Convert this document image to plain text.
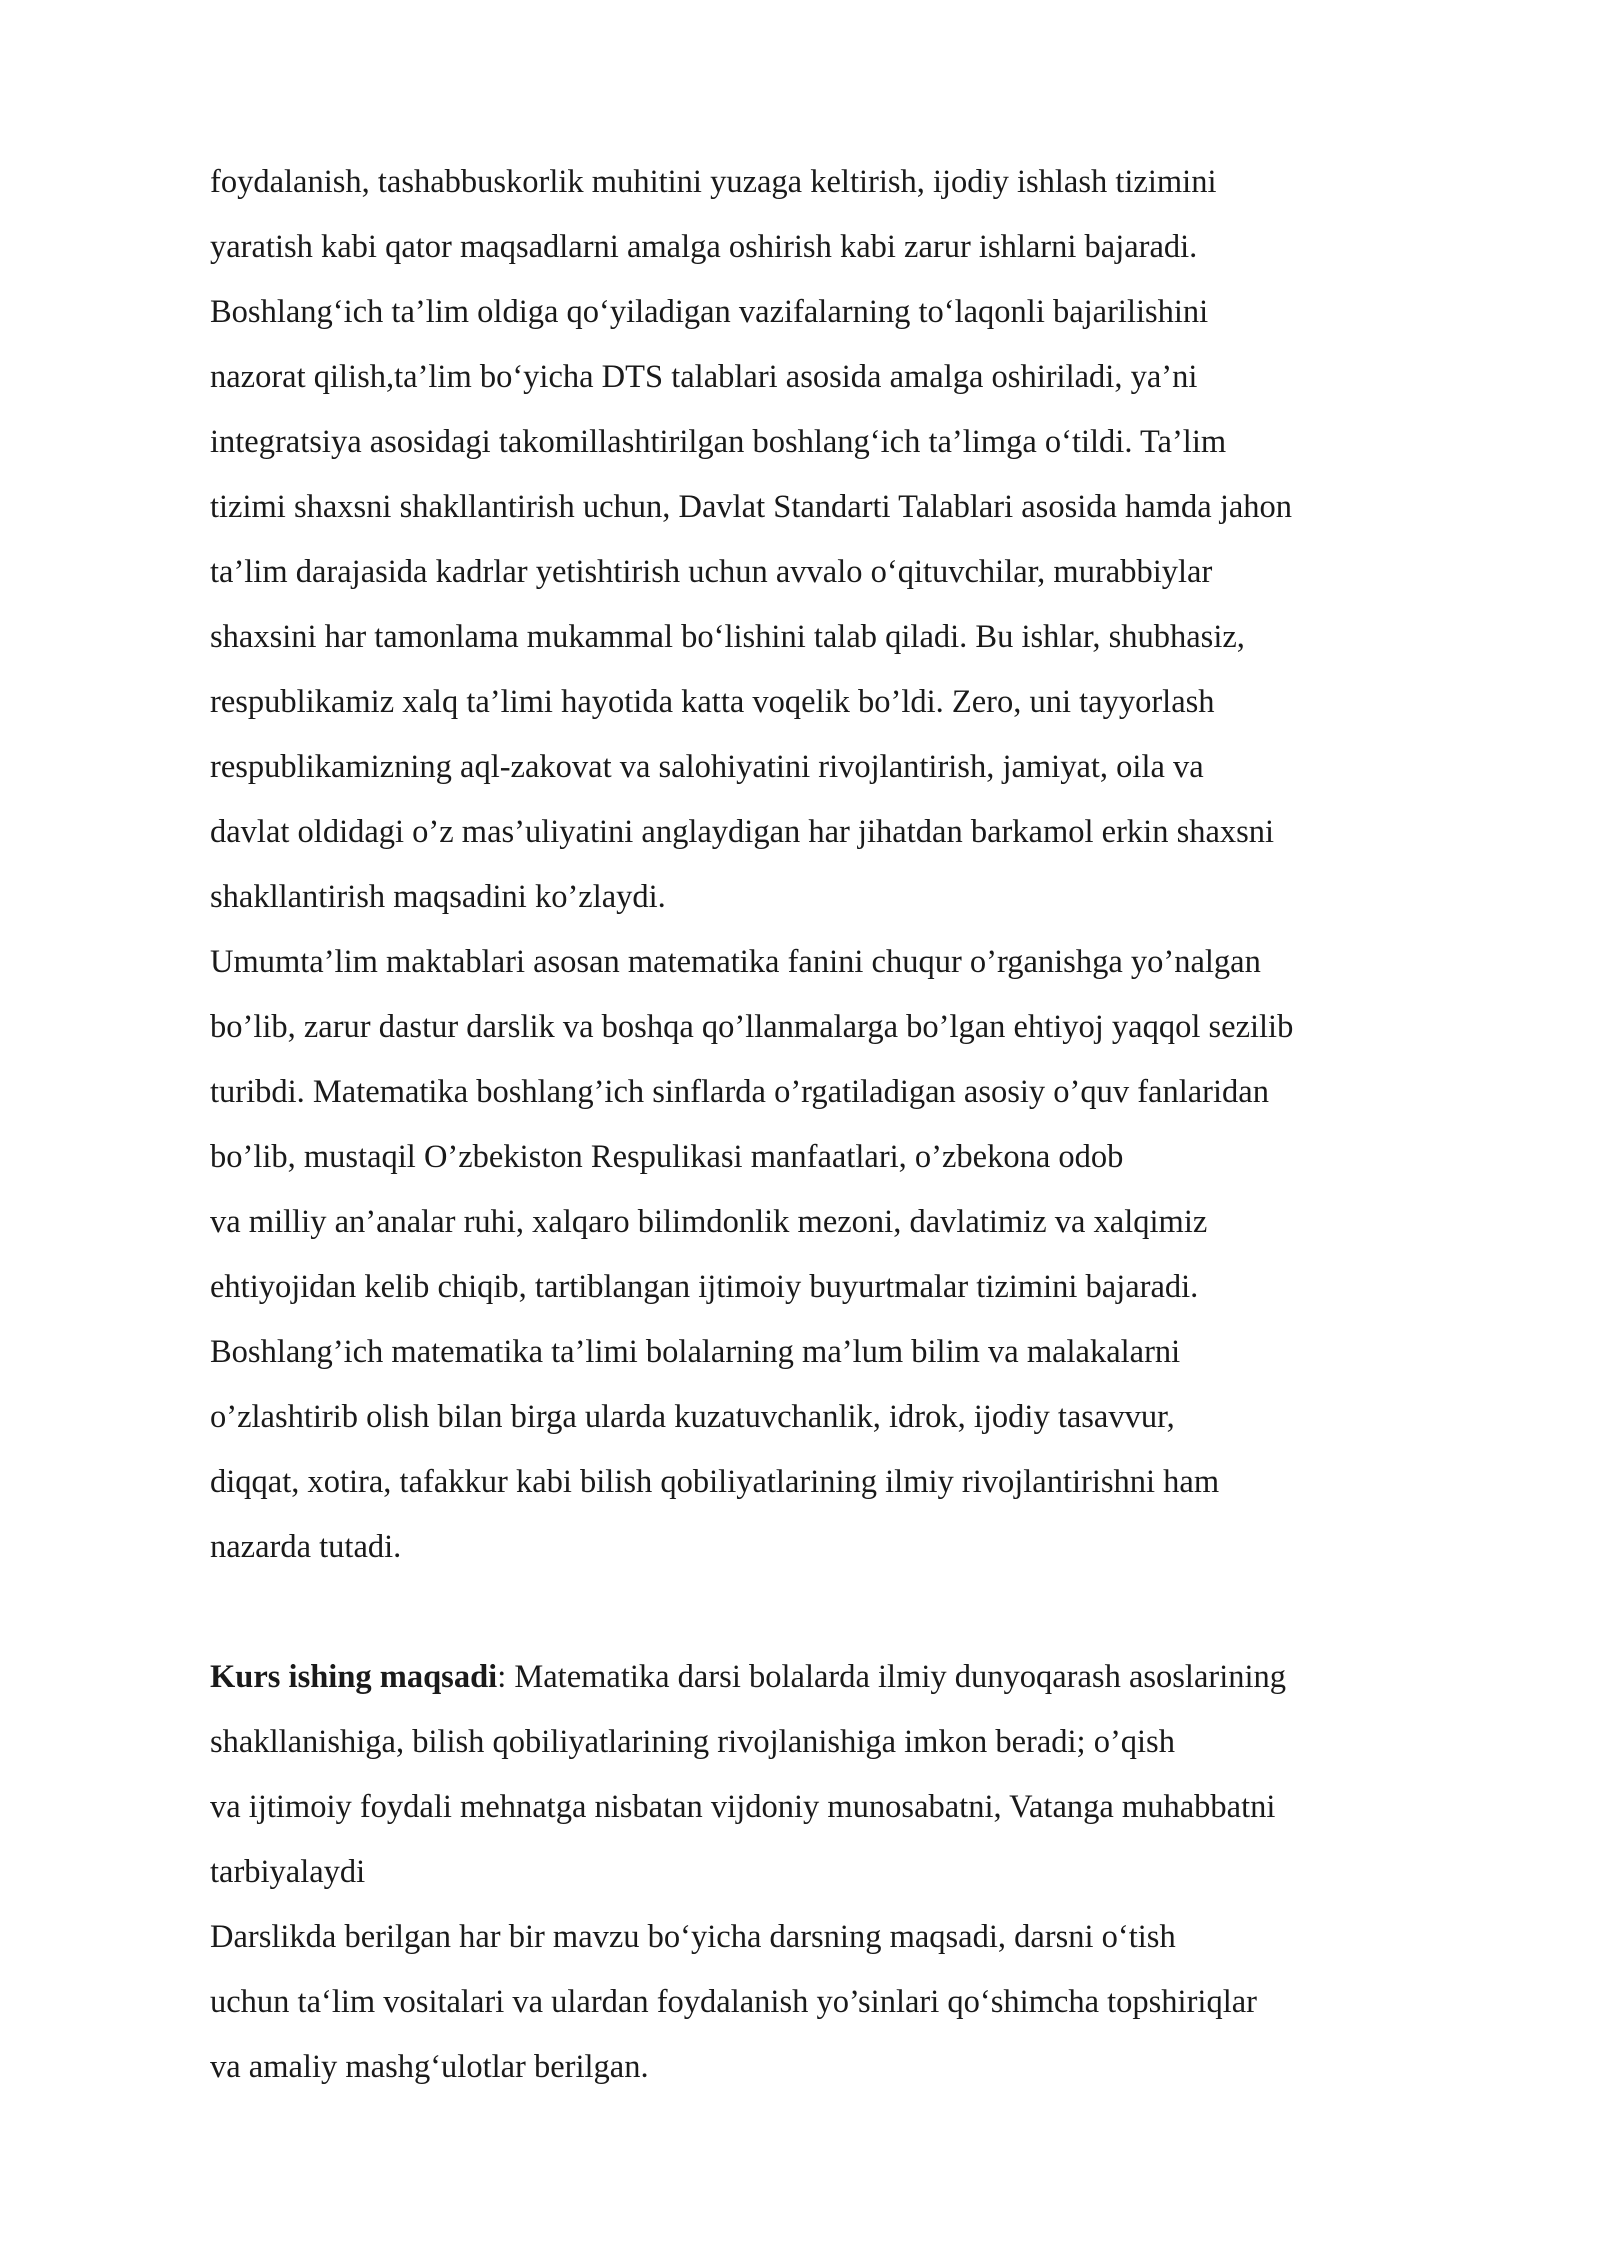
foydalanish, tashabbuskorlik muhitini yuzaga keltirish, ijodiy ishlash tizimini
yaratish kabi qator maqsadlarni amalga oshirish kabi zarur ishlarni bajaradi.
Boshlang‘ich ta’lim oldiga qo‘yiladigan vazifalarning to‘laqonli bajarilishini
nazorat qilish,ta’lim bo‘yicha DTS talablari asosida amalga oshiriladi, ya’ni
integratsiya asosidagi takomillashtirilgan boshlang‘ich ta’limga o‘tildi. Ta’lim
tizimi shaxsni shakllantirish uchun, Davlat Standarti Talablari asosida hamda jahon
ta’lim darajasida kadrlar yetishtirish uchun avvalo o‘qituvchilar, murabbiylar
shaxsini har tamonlama mukammal bo‘lishini talab qiladi. Bu ishlar, shubhasiz,
respublikamiz xalq ta’limi hayotida katta voqelik bo’ldi. Zero, uni tayyorlash
respublikamizning aql-zakovat va salohiyatini rivojlantirish, jamiyat, oila va
davlat oldidagi o’z mas’uliyatini anglaydigan har jihatdan barkamol erkin shaxsni
shakllantirish maqsadini ko’zlaydi.
Umumta’lim maktablari asosan matematika fanini chuqur o’rganishga yo’nalgan
bo’lib, zarur dastur darslik va boshqa qo’llanmalarga bo’lgan ehtiyoj yaqqol sezilib
turibdi. Matematika boshlang’ich sinflarda o’rgatiladigan asosiy o’quv fanlaridan
bo’lib, mustaqil O’zbekiston Respulikasi manfaatlari, o’zbekona odob
va milliy an’analar ruhi, xalqaro bilimdonlik mezoni, davlatimiz va xalqimiz
ehtiyojidan kelib chiqib, tartiblangan ijtimoiy buyurtmalar tizimini bajaradi.
Boshlang’ich matematika ta’limi bolalarning ma’lum bilim va malakalarni
o’zlashtirib olish bilan birga ularda kuzatuvchanlik, idrok, ijodiy tasavvur,
diqqat, xotira, tafakkur kabi bilish qobiliyatlarining ilmiy rivojlantirishni ham
nazarda tutadi.
Kurs ishing maqsadi: Matematika darsi bolalarda ilmiy dunyoqarash asoslarining
shakllanishiga, bilish qobiliyatlarining rivojlanishiga imkon beradi; o’qish
va ijtimoiy foydali mehnatga nisbatan vijdoniy munosabatni, Vatanga muhabbatni
tarbiyalaydi
Darslikda berilgan har bir mavzu bo‘yicha darsning maqsadi, darsni o‘tish
uchun ta‘lim vositalari va ulardan foydalanish yo’sinlari qo‘shimcha topshiriqlar
va amaliy mashg‘ulotlar berilgan.
